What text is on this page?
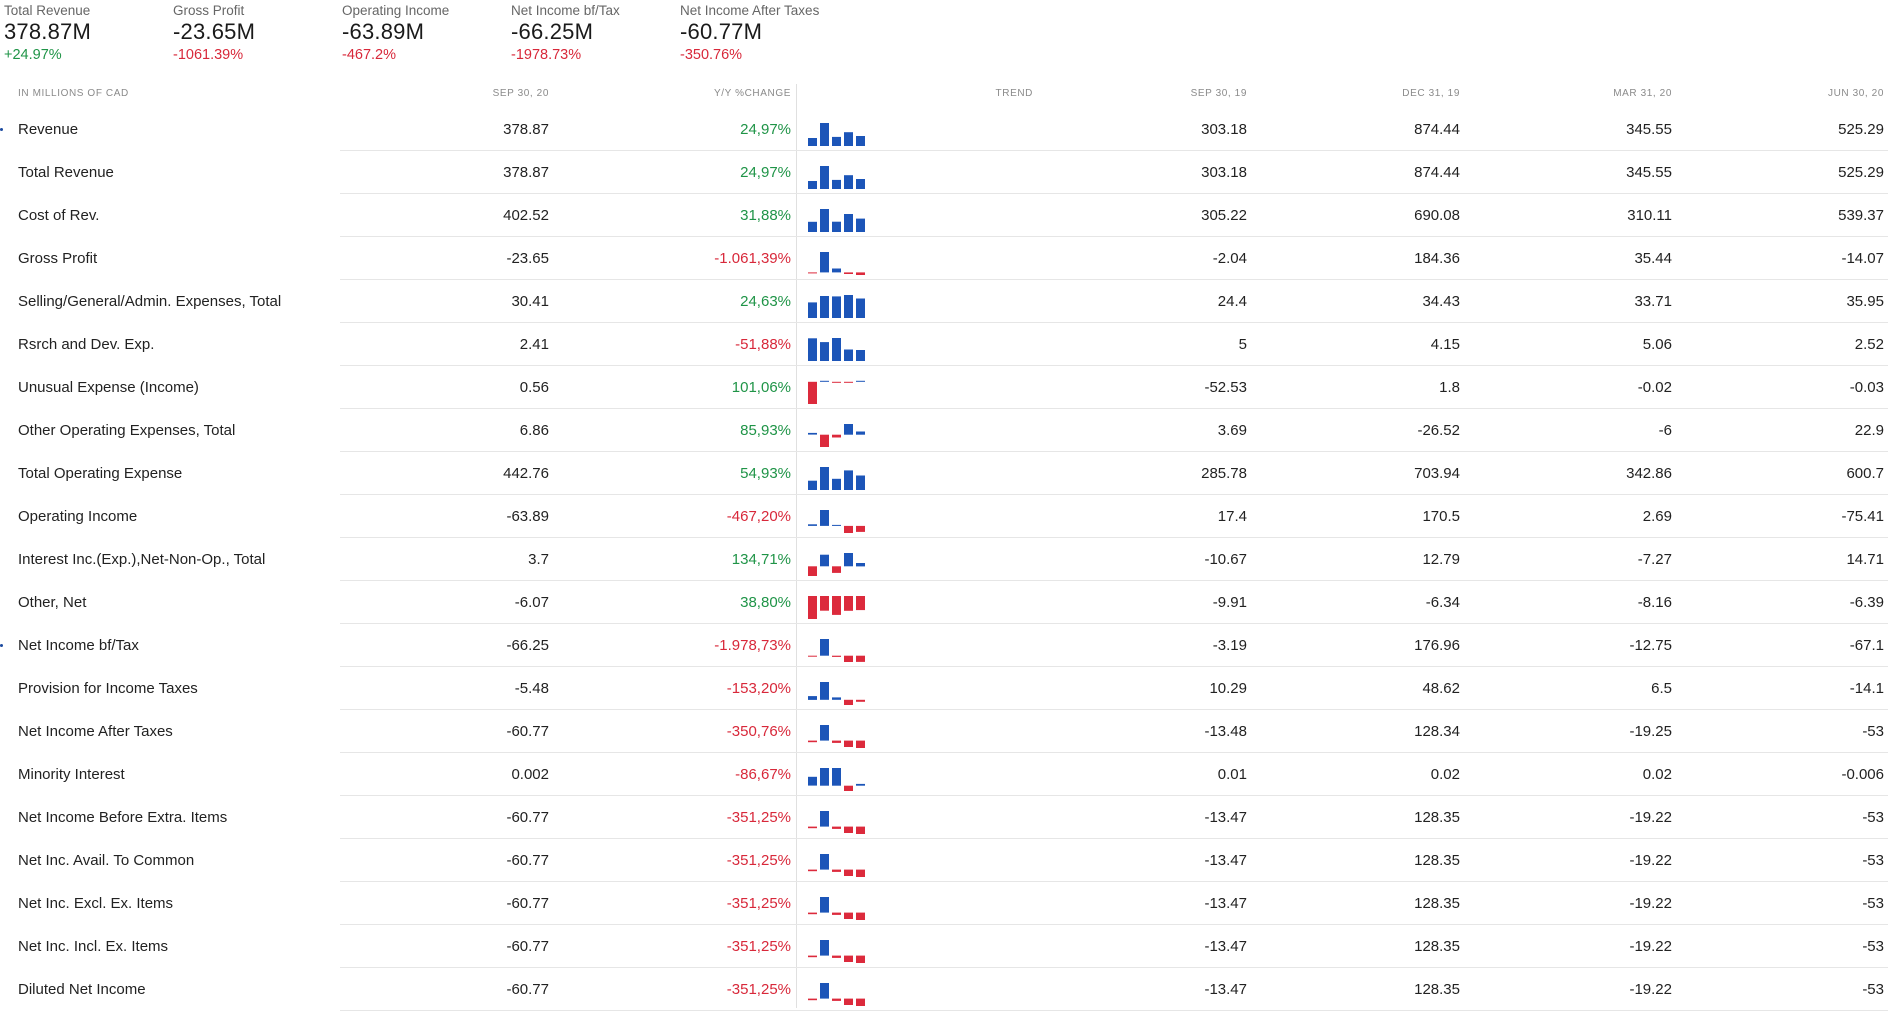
Total Revenue
378.87M
+24.97%
Gross Profit
-23.65M
-1061.39%
Operating Income
-63.89M
-467.2%
Net Income bf/Tax
-66.25M
-1978.73%
Net Income After Taxes
-60.77M
-350.76%
IN MILLIONS OF CAD	SEP 30, 20	Y/Y %CHANGE	TREND	SEP 30, 19	DEC 31, 19	MAR 31, 20	JUN 30, 20
Revenue	378.87	24,97%	303.18	874.44	345.55	525.29
Total Revenue	378.87	24,97%	303.18	874.44	345.55	525.29
Cost of Rev.	402.52	31,88%	305.22	690.08	310.11	539.37
Gross Profit	-23.65	-1.061,39%	-2.04	184.36	35.44	-14.07
Selling/General/Admin. Expenses, Total	30.41	24,63%	24.4	34.43	33.71	35.95
Rsrch and Dev. Exp.	2.41	-51,88%	5	4.15	5.06	2.52
Unusual Expense (Income)	0.56	101,06%	-52.53	1.8	-0.02	-0.03
Other Operating Expenses, Total	6.86	85,93%	3.69	-26.52	-6	22.9
Total Operating Expense	442.76	54,93%	285.78	703.94	342.86	600.7
Operating Income	-63.89	-467,20%	17.4	170.5	2.69	-75.41
Interest Inc.(Exp.),Net-Non-Op., Total	3.7	134,71%	-10.67	12.79	-7.27	14.71
Other, Net	-6.07	38,80%	-9.91	-6.34	-8.16	-6.39
Net Income bf/Tax	-66.25	-1.978,73%	-3.19	176.96	-12.75	-67.1
Provision for Income Taxes	-5.48	-153,20%	10.29	48.62	6.5	-14.1
Net Income After Taxes	-60.77	-350,76%	-13.48	128.34	-19.25	-53
Minority Interest	0.002	-86,67%	0.01	0.02	0.02	-0.006
Net Income Before Extra. Items	-60.77	-351,25%	-13.47	128.35	-19.22	-53
Net Inc. Avail. To Common	-60.77	-351,25%	-13.47	128.35	-19.22	-53
Net Inc. Excl. Ex. Items	-60.77	-351,25%	-13.47	128.35	-19.22	-53
Net Inc. Incl. Ex. Items	-60.77	-351,25%	-13.47	128.35	-19.22	-53
Diluted Net Income	-60.77	-351,25%	-13.47	128.35	-19.22	-53
